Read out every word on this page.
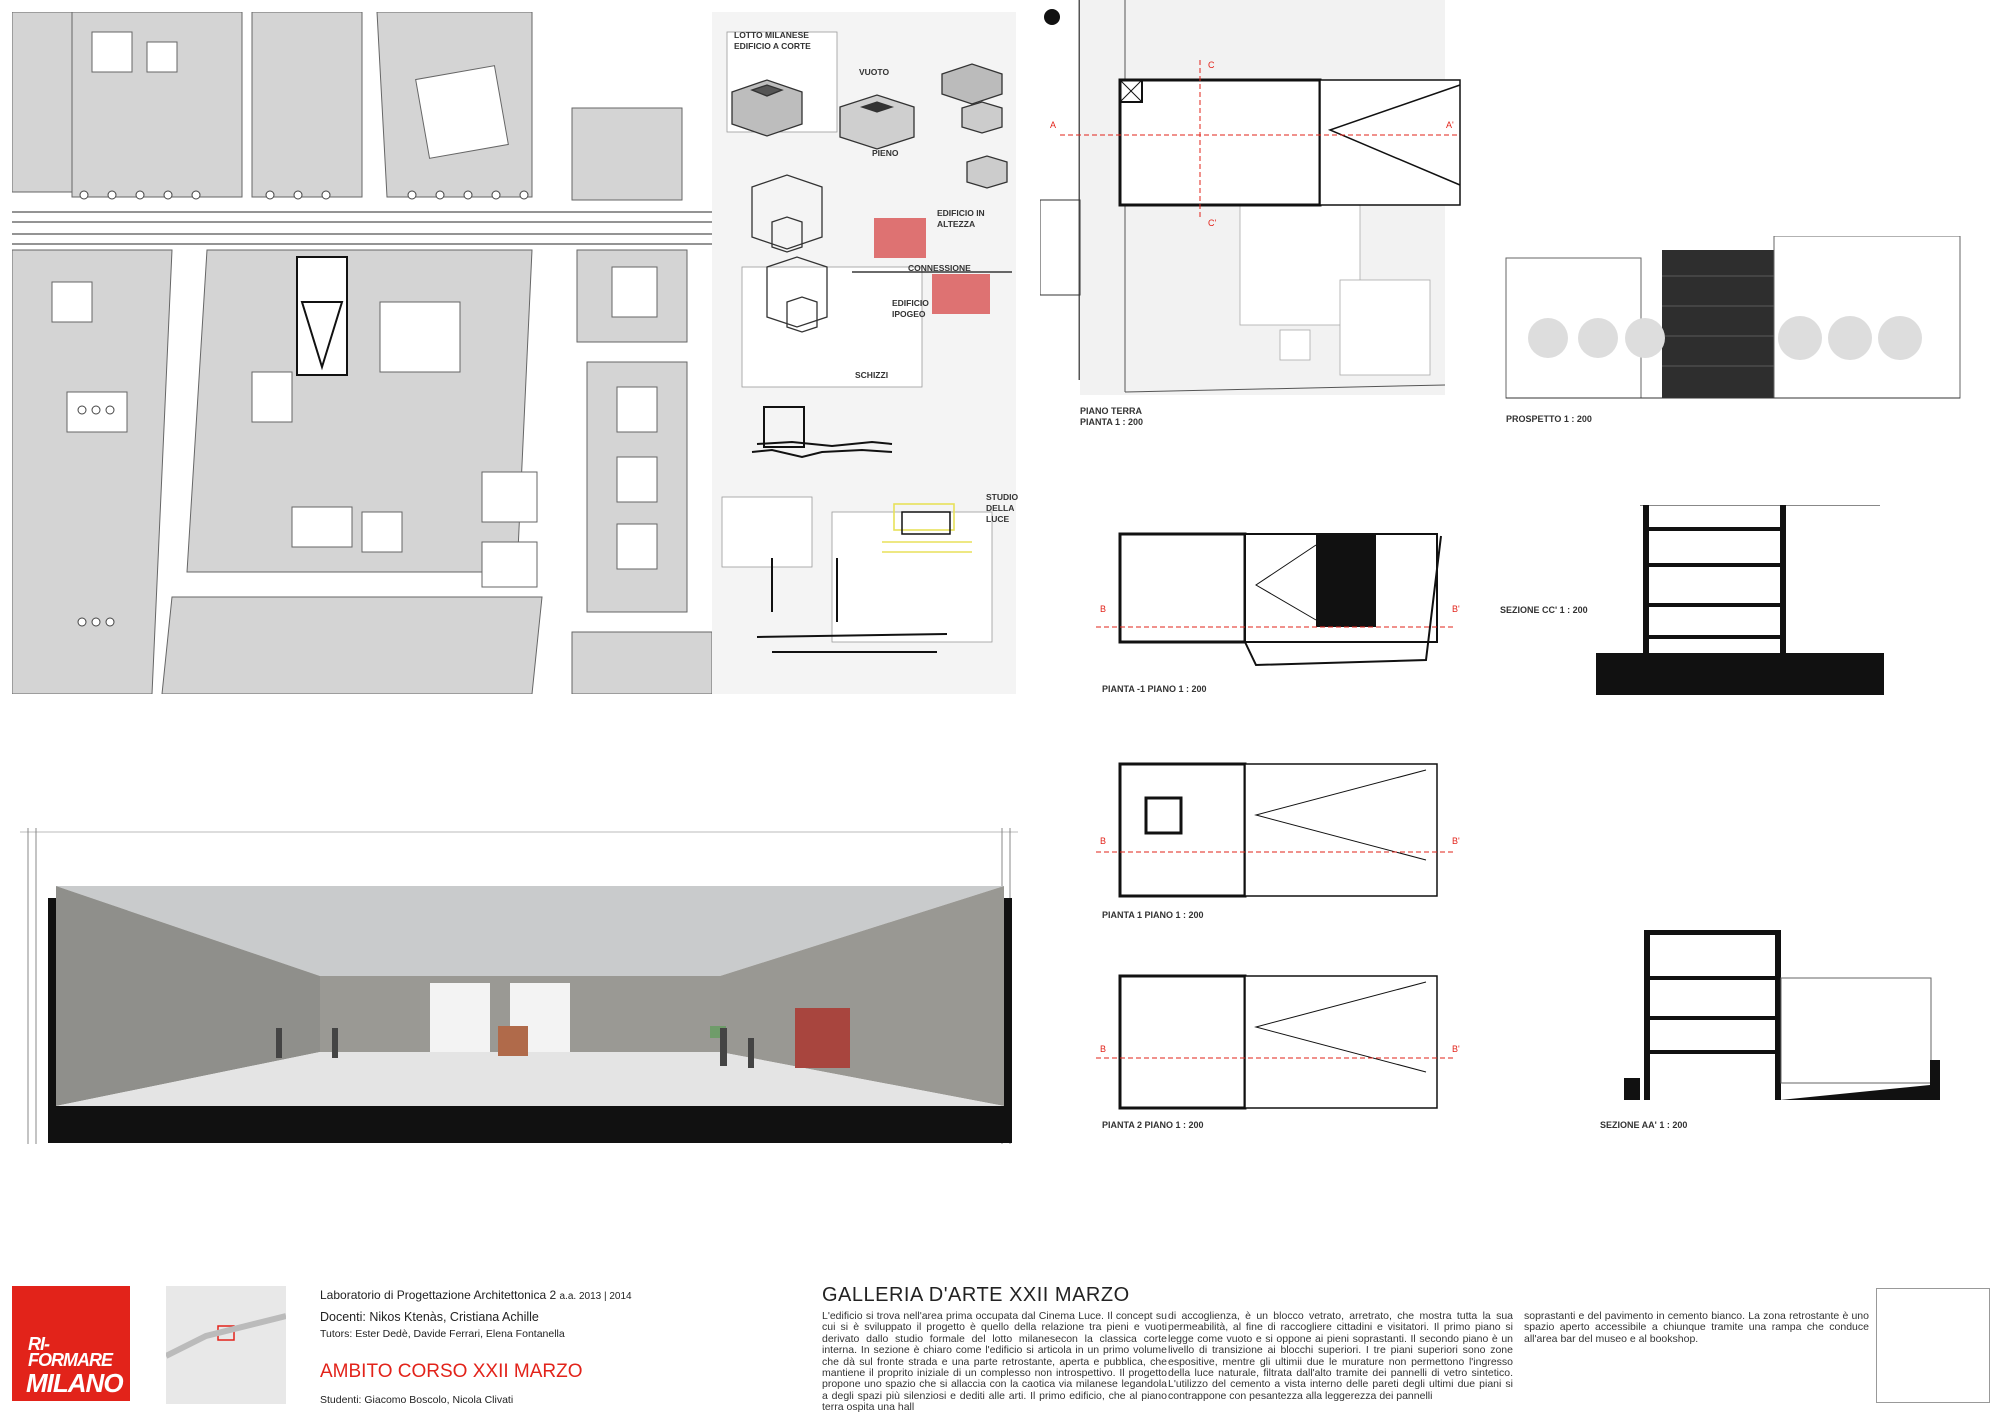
LOTTO MILANESE EDIFICIO A CORTE
VUOTO
PIENO
EDIFICIO IN ALTEZZA
CONNESSIONE
EDIFICIO IPOGEO
SCHIZZI
STUDIO DELLA LUCE
A	A'
C
C'
PIANO TERRA PIANTA 1 : 200	PROSPETTO 1 : 200
B	B'
PIANTA -1 PIANO 1 : 200
SEZIONE CC' 1 : 200
B	B'
PIANTA 1 PIANO 1 : 200
B	B'
PIANTA 2 PIANO 1 : 200	SEZIONE AA' 1 : 200
RI-
FORMARE
MILANO
Laboratorio di Progettazione Architettonica 2 a.a. 2013 | 2014
Docenti: Nikos Ktenàs, Cristiana Achille
Tutors: Ester Dedè, Davide Ferrari, Elena Fontanella
AMBITO CORSO XXII MARZO
Studenti: Giacomo Boscolo, Nicola Clivati
GALLERIA D'ARTE XXII MARZO
L'edificio si trova nell'area prima occupata dal Cinema Luce. Il concept su cui si è sviluppato il progetto è quello della relazione tra pieni e vuoti derivato dallo studio formale del lotto milanesecon la classica corte interna. In sezione è chiaro come l'edificio si articola in un primo volume che dà sul fronte strada e una parte retrostante, aperta e pubblica, che mantiene il proprito iniziale di un complesso non introspettivo. Il progetto propone uno spazio che si allaccia con la caotica via milanese legandola a degli spazi più silenziosi e dediti alle arti. Il primo edificio, che al piano terra ospita una hall
di accoglienza, è un blocco vetrato, arretrato, che mostra tutta la sua permeabilità, al fine di raccogliere cittadini e visitatori. Il primo piano si legge come vuoto e si oppone ai pieni soprastanti. Il secondo piano è un livello di transizione ai blocchi superiori. I tre piani superiori sono zone espositive, mentre gli ultimii due le murature non permettono l'ingresso della luce naturale, filtrata dall'alto tramite dei pannelli di vetro sintetico. L'utilizzo del cemento a vista interno delle pareti degli ultimi due piani si contrappone con pesantezza alla leggerezza dei pannelli
soprastanti e del pavimento in cemento bianco. La zona retrostante è uno spazio aperto accessibile a chiunque tramite una rampa che conduce all'area bar del museo e al bookshop.
